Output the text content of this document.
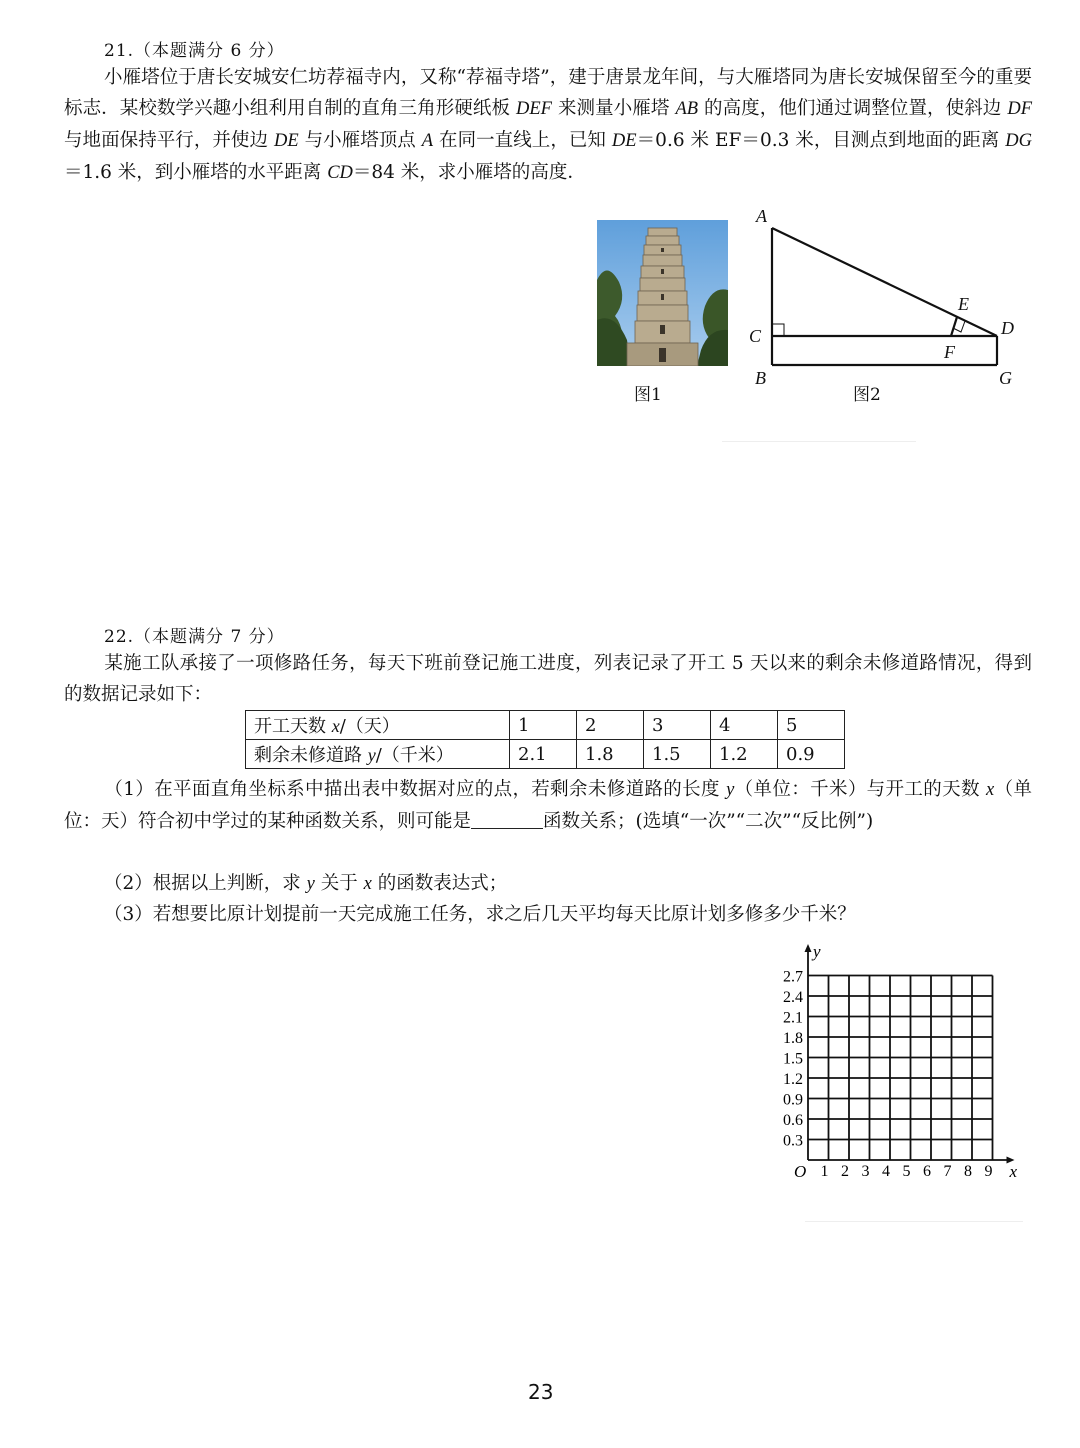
21.（本题满分 6 分）
小雁塔位于唐长安城安仁坊荐福寺内，又称“荐福寺塔”，建于唐景龙年间，与大雁塔同为唐长安城保留至今的重要标志．某校数学兴趣小组利用自制的直角三角形硬纸板 DEF 来测量小雁塔 AB 的高度，他们通过调整位置，使斜边 DF 与地面保持平行，并使边 DE 与小雁塔顶点 A 在同一直线上，已知 DE＝0.6 米 EF＝0.3 米，目测点到地面的距离 DG＝1.6 米，到小雁塔的水平距离 CD＝84 米，求小雁塔的高度．
图1
A
C
B
E
D
F
G
图2
22.（本题满分 7 分）
某施工队承接了一项修路任务，每天下班前登记施工进度，列表记录了开工 5 天以来的剩余未修道路情况，得到的数据记录如下：
开工天数 x/（天）	1	2	3	4	5
剩余未修道路 y/（千米）	2.1	1.8	1.5	1.2	0.9
（1）在平面直角坐标系中描出表中数据对应的点，若剩余未修道路的长度 y（单位：千米）与开工的天数 x（单位：天）符合初中学过的某种函数关系，则可能是	函数关系；(选填“一次”“二次”“反比例”)
（2）根据以上判断，求 y 关于 x 的函数表达式；
（3）若想要比原计划提前一天完成施工任务，求之后几天平均每天比原计划多修多少千米？
1 2 3 4 5 6 7 8 9
0.3
0.6
0.9
1.2
1.5
1.8
2.1
2.4
2.7
O	x
y
23
